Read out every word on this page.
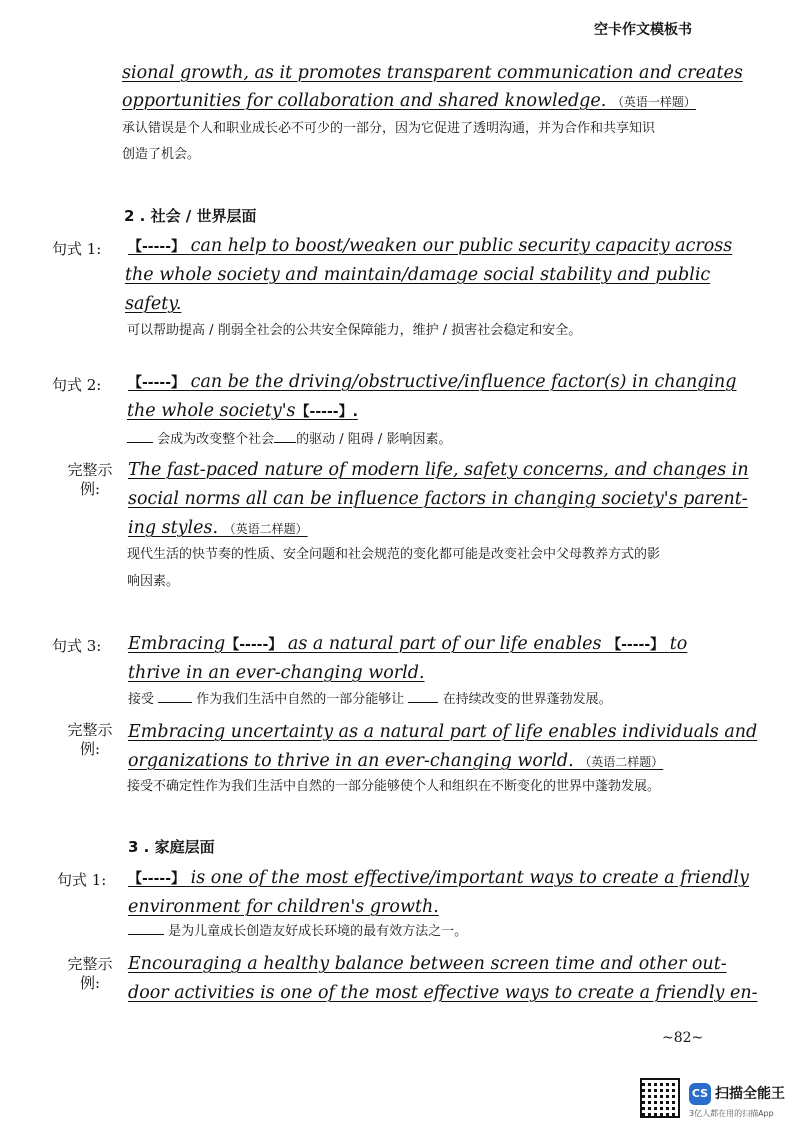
空卡作文模板书
sional growth, as it promotes transparent communication and creates
opportunities for collaboration and shared knowledge. （英语一样题）
承认错误是个人和职业成长必不可少的一部分，因为它促进了透明沟通，并为合作和共享知识
创造了机会。
2 . 社会 / 世界层面
句式 1: 【-----】 can help to boost/weaken our public security capacity across
the whole society and maintain/damage social stability and public
safety.
可以帮助提高 / 削弱全社会的公共安全保障能力，维护 / 损害社会稳定和安全。
句式 2: 【-----】 can be the driving/obstructive/influence factor(s) in changing
the whole society's【-----】.
会成为改变整个社会 的驱动 / 阻碍 / 影响因素。
完整示例:
The fast-paced nature of modern life, safety concerns, and changes in
social norms all can be influence factors in changing society's parent-
ing styles. （英语二样题）
现代生活的快节奏的性质、安全问题和社会规范的变化都可能是改变社会中父母教养方式的影
响因素。
句式 3: Embracing【-----】 as a natural part of our life enables 【-----】 to
thrive in an ever-changing world.
接受	作为我们生活中自然的一部分能够让	在持续改变的世界蓬勃发展。
完整示例:
Embracing uncertainty as a natural part of life enables individuals and
organizations to thrive in an ever-changing world. （英语二样题）
接受不确定性作为我们生活中自然的一部分能够使个人和组织在不断变化的世界中蓬勃发展。
3 . 家庭层面
句式 1: 【-----】 is one of the most effective/important ways to create a friendly
environment for children's growth.
是为儿童成长创造友好成长环境的最有效方法之一。
完整示例:
Encouraging a healthy balance between screen time and other out-
door activities is one of the most effective ways to create a friendly en-
~82~
CS 扫描全能王
3亿人都在用的扫描App
